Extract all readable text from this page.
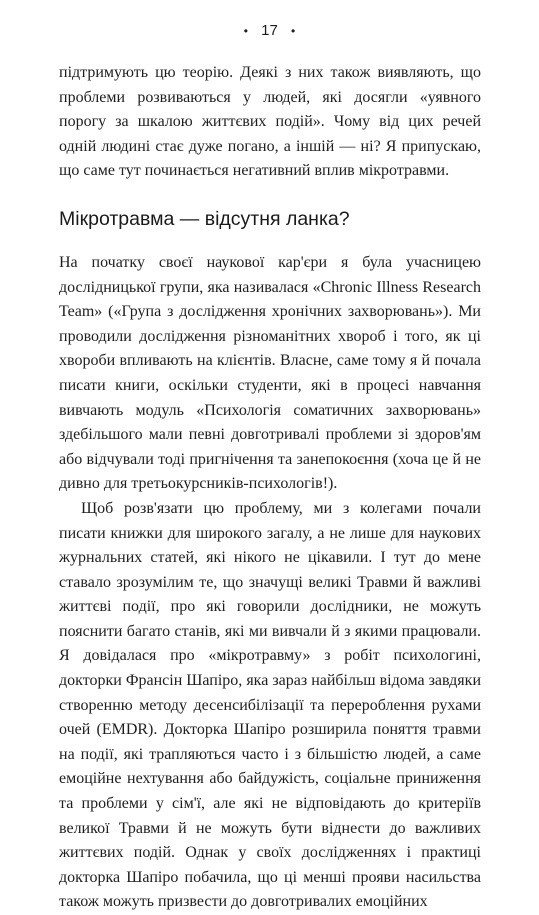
• 17 •

підтримують цю теорію. Деякі з них також виявляють, що проблеми розвиваються у людей, які досягли «уявного порогу за шкалою життєвих подій». Чому від цих речей одній людині стає дуже погано, а іншій — ні? Я припускаю, що саме тут починається негативний вплив мікротравми.

Мікротравма — відсутня ланка?

На початку своєї наукової кар'єри я була учасницею дослідницької групи, яка називалася «Chronic Illness Research Team» («Група з дослідження хронічних захворювань»). Ми проводили дослідження різноманітних хвороб і того, як ці хвороби впливають на клієнтів. Власне, саме тому я й почала писати книги, оскільки студенти, які в процесі навчання вивчають модуль «Психологія соматичних захворювань» здебільшого мали певні довготривалі проблеми зі здоров'ям або відчували тоді пригнічення та занепокоєння (хоча це й не дивно для третьокурсників-психологів!).

Щоб розв'язати цю проблему, ми з колегами почали писати книжки для широкого загалу, а не лише для наукових журнальних статей, які нікого не цікавили. І тут до мене ставало зрозумілим те, що значущі великі Травми й важливі життєві події, про які говорили дослідники, не можуть пояснити багато станів, які ми вивчали й з якими працювали. Я довідалася про «мікротравму» з робіт психологині, докторки Франсін Шапіро, яка зараз найбільш відома завдяки створенню методу десенсибілізації та перероблення рухами очей (EMDR). Докторка Шапіро розширила поняття травми на події, які трапляються часто і з більшістю людей, а саме емоційне нехтування або байдужість, соціальне приниження та проблеми у сім'ї, але які не відповідають до критеріїв великої Травми й не можуть бути віднести до важливих життєвих подій. Однак у своїх дослідженнях і практиці докторка Шапіро побачила, що ці менші прояви насильства також можуть призвести до довготривалих емоційних
